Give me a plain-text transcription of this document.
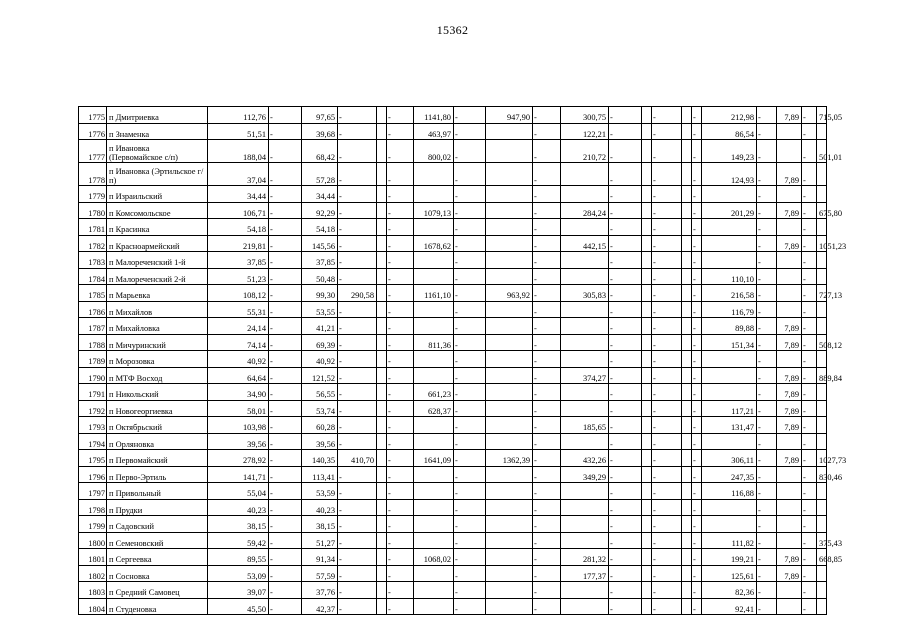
15362
1775	п Дмитриевка	112,76	-	97,65	-		-	1141,80	-	947,90	-	300,75	-		-		-	212,98	-	7,89	-	715,05
1776	п Знаменка	51,51	-	39,68	-		-	463,97	-		-	122,21	-		-		-	86,54	-		-	
1777	п Ивановка (Первомайское с/п)	188,04	-	68,42	-		-	800,02	-		-	210,72	-		-		-	149,23	-		-	501,01
1778	п Ивановка (Эртильское г/п)	37,04	-	57,28	-		-		-		-		-		-		-	124,93	-	7,89	-	
1779	п Израильский	34,44	-	34,44	-		-		-		-		-		-		-		-		-	
1780	п Комсомольское	106,71	-	92,29	-		-	1079,13	-		-	284,24	-		-		-	201,29	-	7,89	-	675,80
1781	п Красинка	54,18	-	54,18	-		-		-		-		-		-		-		-		-	
1782	п Красноармейский	219,81	-	145,56	-		-	1678,62	-		-	442,15	-		-		-		-	7,89	-	1051,23
1783	п Малореченский 1-й	37,85	-	37,85	-		-		-		-		-		-		-		-		-	
1784	п Малореченский 2-й	51,23	-	50,48	-		-		-		-		-		-		-	110,10	-		-	
1785	п Марьевка	108,12	-	99,30	290,58		-	1161,10	-	963,92	-	305,83	-		-		-	216,58	-		-	727,13
1786	п Михайлов	55,31	-	53,55	-		-		-		-		-		-		-	116,79	-		-	
1787	п Михайловка	24,14	-	41,21	-		-		-		-		-		-		-	89,88	-	7,89	-	
1788	п Мичуринский	74,14	-	69,39	-		-	811,36	-		-		-		-		-	151,34	-	7,89	-	508,12
1789	п Морозовка	40,92	-	40,92	-		-		-		-		-		-		-		-		-	
1790	п МТФ Восход	64,64	-	121,52	-		-		-		-	374,27	-		-		-		-	7,89	-	889,84
1791	п Никольский	34,90	-	56,55	-		-	661,23	-		-		-		-		-		-	7,89	-	
1792	п Новогеоргиевка	58,01	-	53,74	-		-	628,37	-		-		-		-		-	117,21	-	7,89	-	
1793	п Октябрьский	103,98	-	60,28	-		-		-		-	185,65	-		-		-	131,47	-	7,89	-	
1794	п Орляновка	39,56	-	39,56	-		-		-		-		-		-		-		-		-	
1795	п Первомайский	278,92	-	140,35	410,70		-	1641,09	-	1362,39	-	432,26	-		-		-	306,11	-	7,89	-	1027,73
1796	п Перво-Эртиль	141,71	-	113,41	-		-		-		-	349,29	-		-		-	247,35	-		-	830,46
1797	п Привольный	55,04	-	53,59	-		-		-		-		-		-		-	116,88	-		-	
1798	п Прудки	40,23	-	40,23	-		-		-		-		-		-		-		-		-	
1799	п Садовский	38,15	-	38,15	-		-		-		-		-		-		-		-		-	
1800	п Семеновский	59,42	-	51,27	-		-		-		-		-		-		-	111,82	-		-	375,43
1801	п Сергеевка	89,55	-	91,34	-		-	1068,02	-		-	281,32	-		-		-	199,21	-	7,89	-	668,85
1802	п Сосновка	53,09	-	57,59	-		-		-		-	177,37	-		-		-	125,61	-	7,89	-	
1803	п Средний Самовец	39,07	-	37,76	-		-		-		-		-		-		-	82,36	-		-	
1804	п Студеновка	45,50	-	42,37	-		-		-		-		-		-		-	92,41	-		-	
